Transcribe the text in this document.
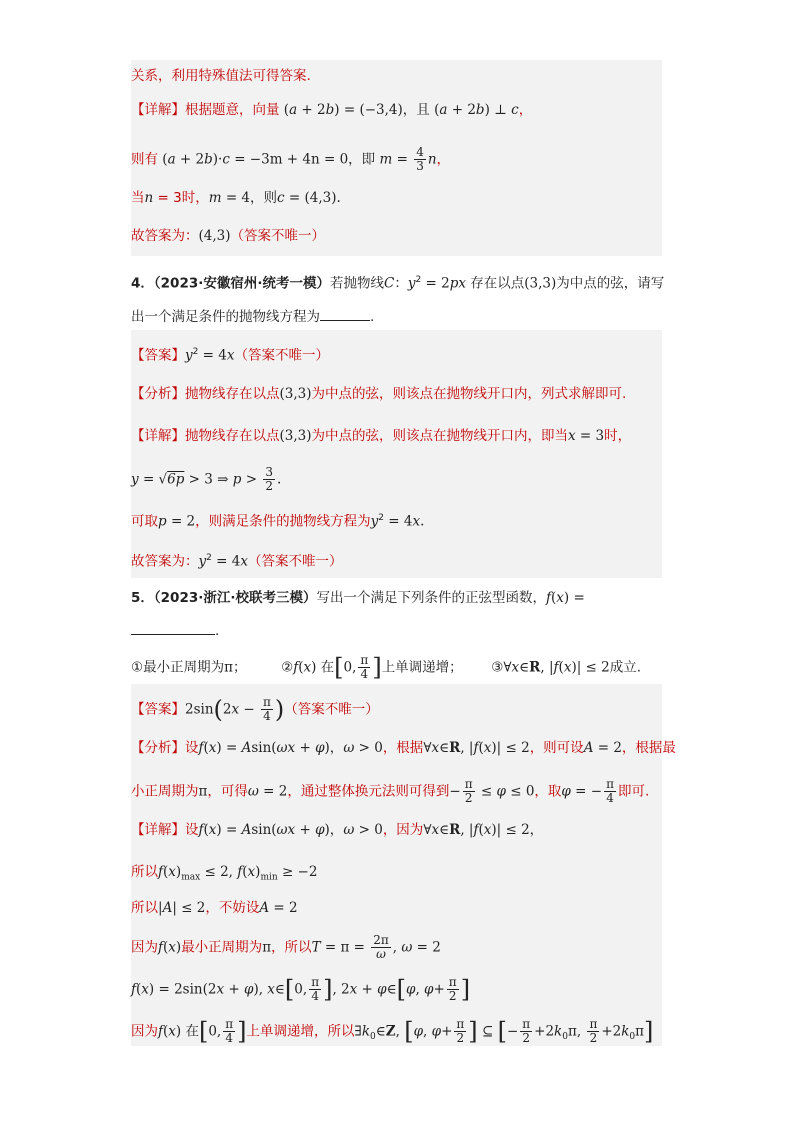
关系，利用特殊值法可得答案.
【详解】根据题意，向量 (a + 2b) = (−3,4)，且 (a + 2b) ⊥ c，
则有 (a + 2b)·c = −3m + 4n = 0，即 $m = \frac{4}{3}$ n，
当n = 3时，m = 4，则c = (4,3).
故答案为：(4,3)（答案不唯一）
4．（2023·安徽宿州·统考一模）若抛物线C：$y^2 = 2px$ 存在以点(3,3)为中点的弦，请写
出一个满足条件的抛物线方程为	.
【答案】$y^2 = 4x$（答案不唯一）
【分析】抛物线存在以点(3,3)为中点的弦，则该点在抛物线开口内，列式求解即可.
【详解】抛物线存在以点(3,3)为中点的弦，则该点在抛物线开口内，即当x = 3时，
y = √6p > 3 ⇒ $p > \frac{3}{2}$ .
可取p = 2，则满足条件的抛物线方程为$y^2 = 4x$.
故答案为：$y^2 = 4x$（答案不唯一）
5．（2023·浙江·校联考三模）写出一个满足下列条件的正弦型函数，f(x) =
.
①最小正周期为π；	②f(x) 在[0, $\frac{\pi}{4}$ ]上单调递增； ③∀x∈R, |f(x)| ≤ 2成立.
【答案】$2\sin(2x - \frac{\pi}{4}$ )（答案不唯一）
【分析】设f(x) = Asin(ωx + φ)，ω > 0，根据∀x∈R, |f(x)| ≤ 2，则可设A = 2，根据最
小正周期为π，可得ω = 2，通过整体换元法则可得到− $\frac{\pi}{2} \le \varphi \le 0$，取φ = − $\frac{\pi}{4}$ 即可.
【详解】设f(x) = Asin(ωx + φ)，ω > 0，因为∀x∈R, |f(x)| ≤ 2，
所以$f(x)_{max} \le 2$, $f(x)_{min} \ge -2$
所以|A| ≤ 2，不妨设A = 2
因为f(x)最小正周期为π，所以$T = \pi = \frac{2\pi}{\omega}$ , ω = 2
f(x) = 2sin(2x + φ), x∈[0, $\frac{\pi}{4}$ ], 2x + φ∈[φ, $\varphi+ \frac{\pi}{2}$ ]
因为f(x) 在[0, $\frac{\pi}{4}$ ]上单调递增，所以$\exists k_0\in Z$, [φ, $\varphi+ \frac{\pi}{2}$ ] ⊆ [− $\frac{\pi}{2} +2k_0\pi$, $\frac{\pi}{2} +2k_0\pi$]
